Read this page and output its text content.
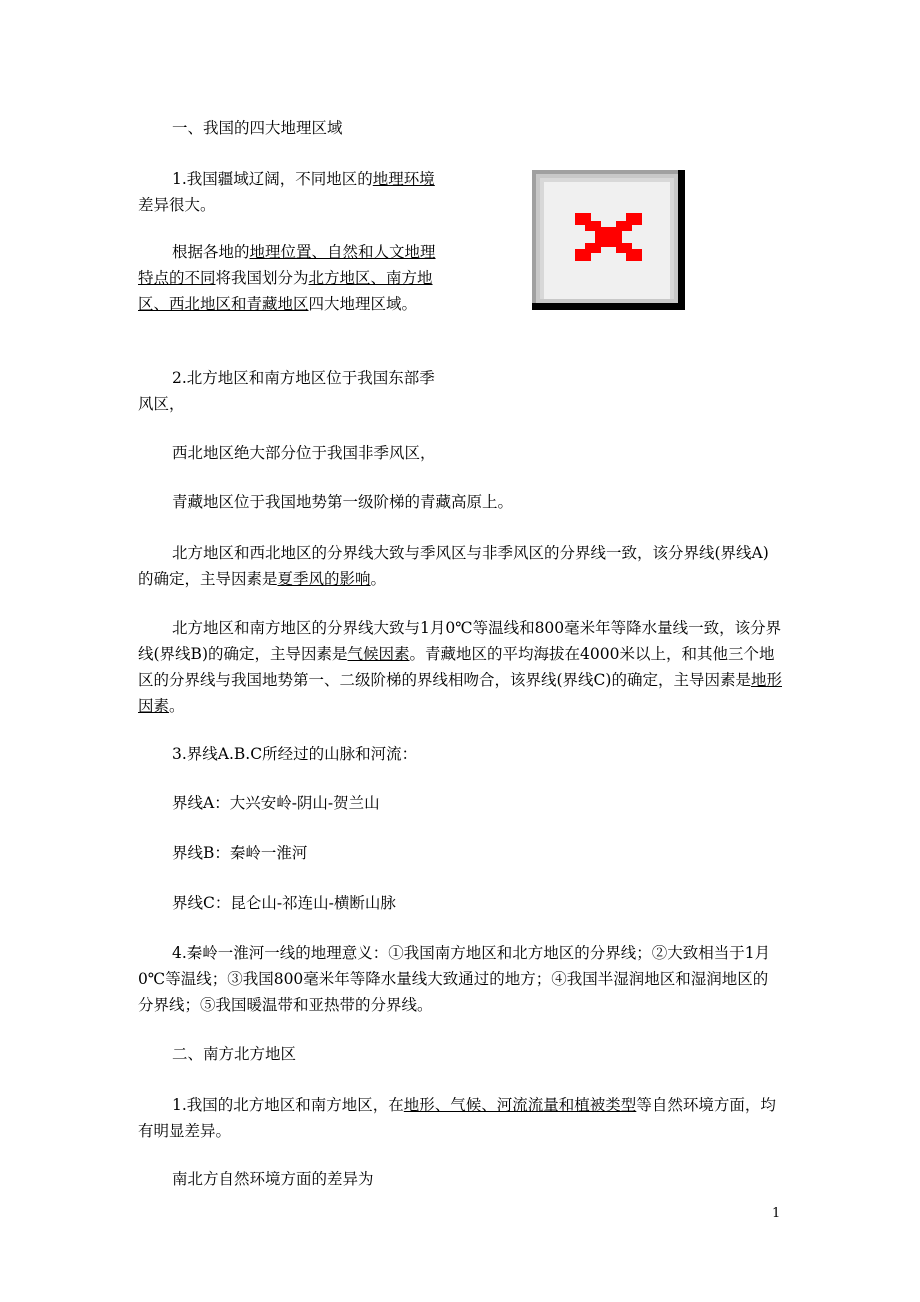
一、我国的四大地理区域

1.我国疆域辽阔，不同地区的地理环境差异很大。

根据各地的地理位置、自然和人文地理特点的不同将我国划分为北方地区、南方地区、西北地区和青藏地区四大地理区域。

2.北方地区和南方地区位于我国东部季风区，

西北地区绝大部分位于我国非季风区，

青藏地区位于我国地势第一级阶梯的青藏高原上。

北方地区和西北地区的分界线大致与季风区与非季风区的分界线一致，该分界线(界线A)的确定，主导因素是夏季风的影响。

北方地区和南方地区的分界线大致与1月0℃等温线和800毫米年等降水量线一致，该分界线(界线B)的确定，主导因素是气候因素。青藏地区的平均海拔在4000米以上，和其他三个地区的分界线与我国地势第一、二级阶梯的界线相吻合，该界线(界线C)的确定，主导因素是地形因素。

3.界线A.B.C所经过的山脉和河流：

界线A：大兴安岭-阴山-贺兰山

界线B：秦岭一淮河

界线C：昆仑山-祁连山-横断山脉

4.秦岭一淮河一线的地理意义：①我国南方地区和北方地区的分界线；②大致相当于1月0℃等温线；③我国800毫米年等降水量线大致通过的地方；④我国半湿润地区和湿润地区的分界线；⑤我国暖温带和亚热带的分界线。

二、南方北方地区

1.我国的北方地区和南方地区，在地形、气候、河流流量和植被类型等自然环境方面，均有明显差异。

南北方自然环境方面的差异为

1
